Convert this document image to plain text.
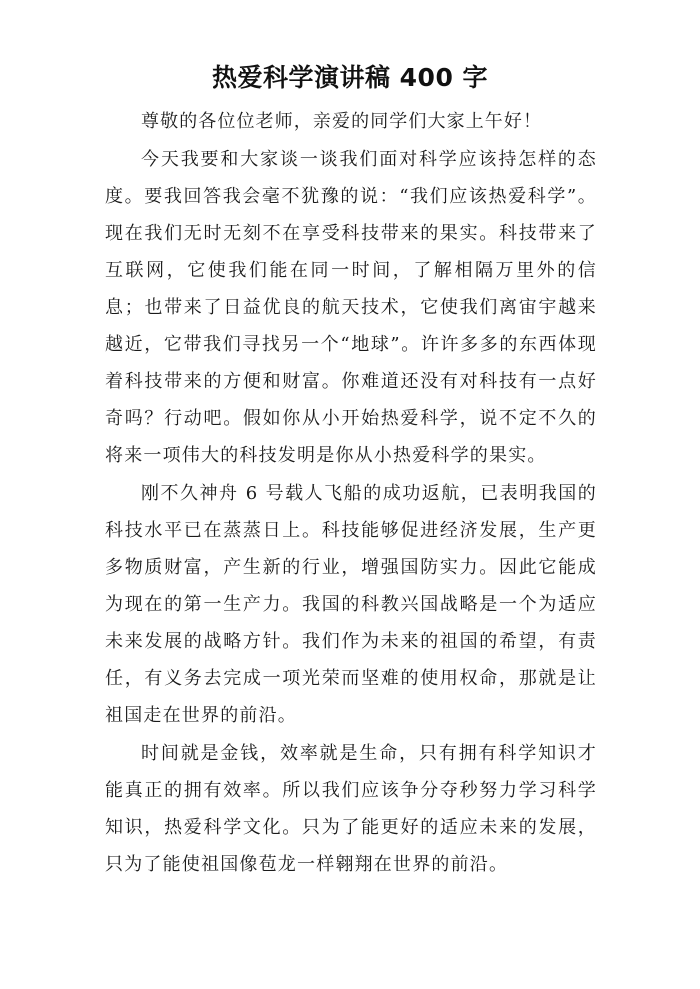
热爱科学演讲稿 400 字

尊敬的各位位老师，亲爱的同学们大家上午好！

今天我要和大家谈一谈我们面对科学应该持怎样的态度。要我回答我会毫不犹豫的说：“我们应该热爱科学”。现在我们无时无刻不在享受科技带来的果实。科技带来了互联网，它使我们能在同一时间，了解相隔万里外的信息；也带来了日益优良的航天技术，它使我们离宙宇越来越近，它带我们寻找另一个“地球”。许许多多的东西体现着科技带来的方便和财富。你难道还没有对科技有一点好奇吗？行动吧。假如你从小开始热爱科学，说不定不久的将来一项伟大的科技发明是你从小热爱科学的果实。

刚不久神舟 6 号载人飞船的成功返航，已表明我国的科技水平已在蒸蒸日上。科技能够促进经济发展，生产更多物质财富，产生新的行业，增强国防实力。因此它能成为现在的第一生产力。我国的科教兴国战略是一个为适应未来发展的战略方针。我们作为未来的祖国的希望，有责任，有义务去完成一项光荣而坚难的使用权命，那就是让祖国走在世界的前沿。

时间就是金钱，效率就是生命，只有拥有科学知识才能真正的拥有效率。所以我们应该争分夺秒努力学习科学知识，热爱科学文化。只为了能更好的适应未来的发展，只为了能使祖国像苞龙一样翱翔在世界的前沿。
